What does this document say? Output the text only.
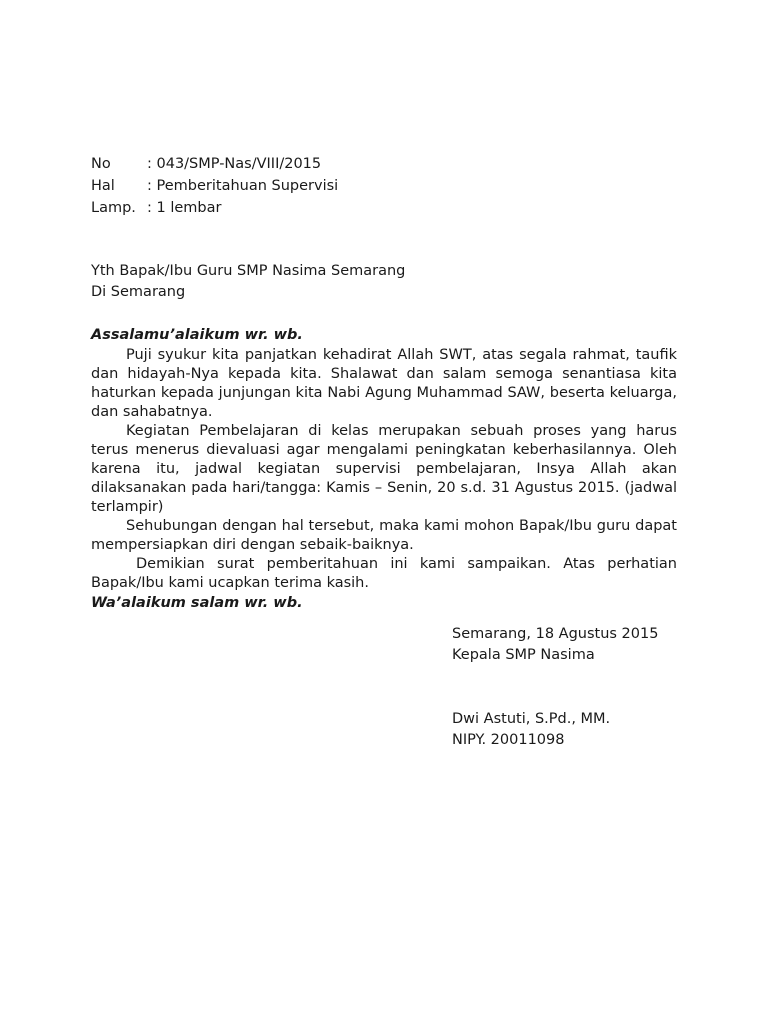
No	: 043/SMP-Nas/VIII/2015
Hal	: Pemberitahuan Supervisi
Lamp. : 1 lembar
Yth Bapak/Ibu Guru SMP Nasima Semarang
Di Semarang
Assalamu’alaikum wr. wb.

Puji syukur kita panjatkan kehadirat Allah SWT, atas segala rahmat, taufik dan hidayah-Nya kepada kita. Shalawat dan salam semoga senantiasa kita haturkan kepada junjungan kita Nabi Agung Muhammad SAW, beserta keluarga, dan sahabatnya.

Kegiatan Pembelajaran di kelas merupakan sebuah proses yang harus terus menerus dievaluasi agar mengalami peningkatan keberhasilannya. Oleh karena itu, jadwal kegiatan supervisi pembelajaran, Insya Allah akan dilaksanakan pada hari/tangga: Kamis – Senin, 20 s.d. 31 Agustus 2015. (jadwal terlampir)

Sehubungan dengan hal tersebut, maka kami mohon Bapak/Ibu guru dapat mempersiapkan diri dengan sebaik-baiknya.

Demikian surat pemberitahuan ini kami sampaikan. Atas perhatian Bapak/Ibu kami ucapkan terima kasih.

Wa’alaikum salam wr. wb.
Semarang, 18 Agustus 2015
Kepala SMP Nasima
Dwi Astuti, S.Pd., MM.
NIPY. 20011098
